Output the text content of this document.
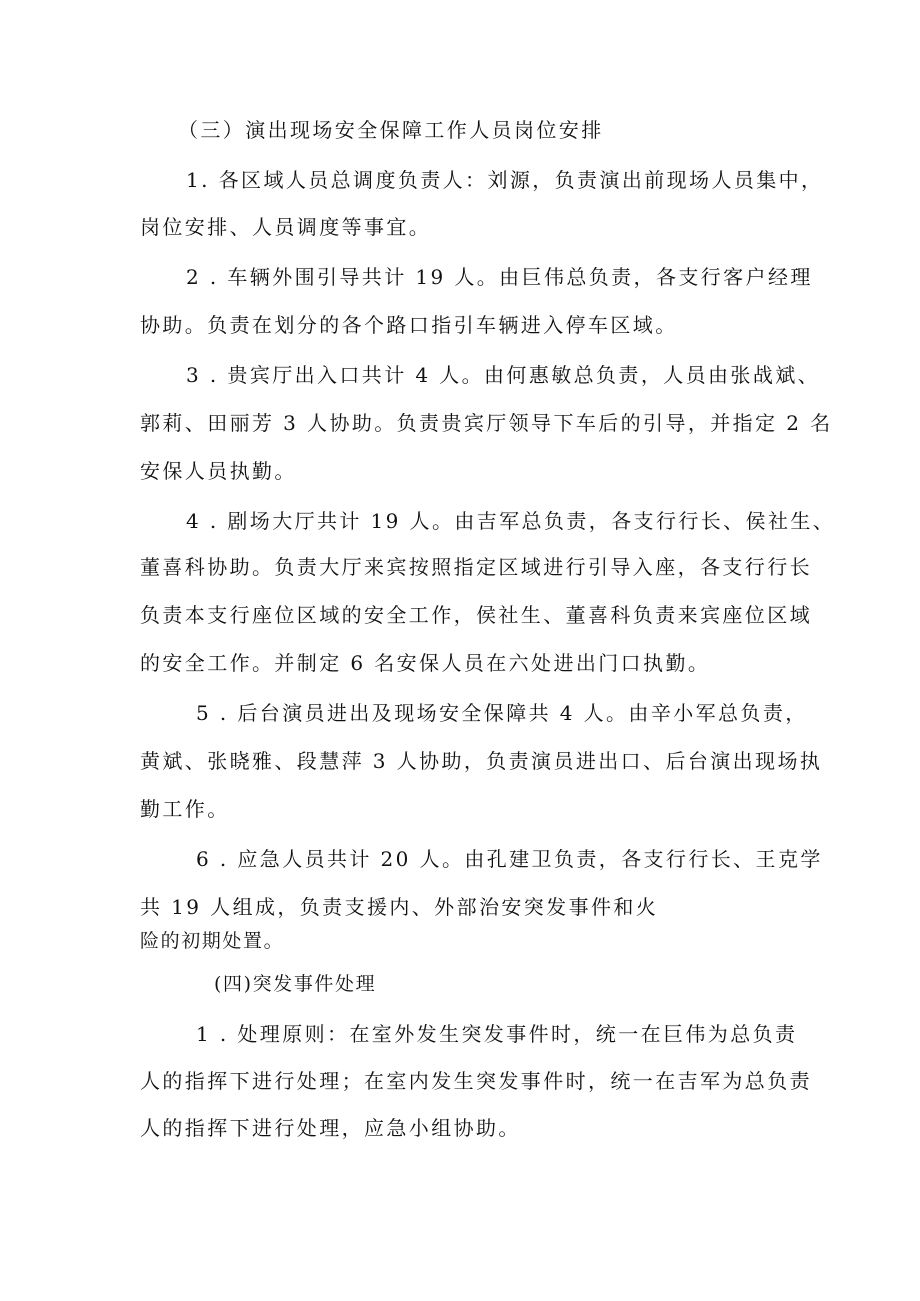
（三）演出现场安全保障工作人员岗位安排
1. 各区域人员总调度负责人：刘源，负责演出前现场人员集中，
岗位安排、人员调度等事宜。
2 . 车辆外围引导共计 19 人。由巨伟总负责，各支行客户经理
协助。负责在划分的各个路口指引车辆进入停车区域。
3 . 贵宾厅出入口共计 4 人。由何惠敏总负责，人员由张战斌、
郭莉、田丽芳 3 人协助。负责贵宾厅领导下车后的引导，并指定 2 名
安保人员执勤。
4 . 剧场大厅共计 19 人。由吉军总负责，各支行行长、侯社生、
董喜科协助。负责大厅来宾按照指定区域进行引导入座，各支行行长
负责本支行座位区域的安全工作，侯社生、董喜科负责来宾座位区域
的安全工作。并制定 6 名安保人员在六处进出门口执勤。
5 . 后台演员进出及现场安全保障共 4 人。由辛小军总负责，
黄斌、张晓雅、段慧萍 3 人协助，负责演员进出口、后台演出现场执
勤工作。
6 . 应急人员共计 20 人。由孔建卫负责，各支行行长、王克学
共 19 人组成，负责支援内、外部治安突发事件和火
险的初期处置。
(四)突发事件处理
1 . 处理原则：在室外发生突发事件时，统一在巨伟为总负责
人的指挥下进行处理；在室内发生突发事件时，统一在吉军为总负责
人的指挥下进行处理，应急小组协助。
